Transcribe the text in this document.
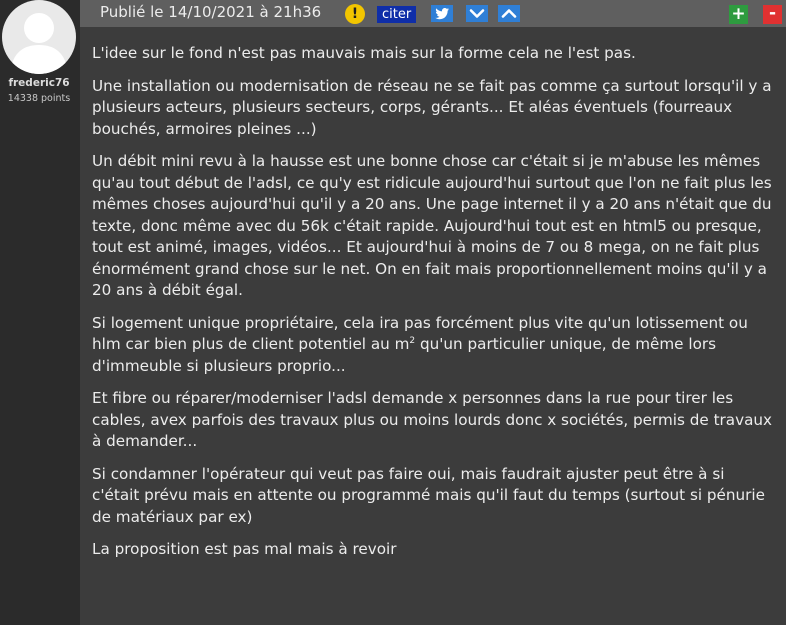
frederic76
14338 points
Publié le 14/10/2021 à 21h36	!	citer	+	-

L'idee sur le fond n'est pas mauvais mais sur la forme cela ne l'est pas.

Une installation ou modernisation de réseau ne se fait pas comme ça surtout lorsqu'il y a plusieurs acteurs, plusieurs secteurs, corps, gérants... Et aléas éventuels (fourreaux bouchés, armoires pleines ...)

Un débit mini revu à la hausse est une bonne chose car c'était si je m'abuse les mêmes qu'au tout début de l'adsl, ce qu'y est ridicule aujourd'hui surtout que l'on ne fait plus les mêmes choses aujourd'hui qu'il y a 20 ans. Une page internet il y a 20 ans n'était que du texte, donc même avec du 56k c'était rapide. Aujourd'hui tout est en html5 ou presque, tout est animé, images, vidéos... Et aujourd'hui à moins de 7 ou 8 mega, on ne fait plus énormément grand chose sur le net. On en fait mais proportionnellement moins qu'il y a 20 ans à débit égal.

Si logement unique propriétaire, cela ira pas forcément plus vite qu'un lotissement ou hlm car bien plus de client potentiel au $m^2$ qu'un particulier unique, de même lors d'immeuble si plusieurs proprio...

Et fibre ou réparer/moderniser l'adsl demande x personnes dans la rue pour tirer les cables, avex parfois des travaux plus ou moins lourds donc x sociétés, permis de travaux à demander...

Si condamner l'opérateur qui veut pas faire oui, mais faudrait ajuster peut être à si c'était prévu mais en attente ou programmé mais qu'il faut du temps (surtout si pénurie de matériaux par ex)

La proposition est pas mal mais à revoir
